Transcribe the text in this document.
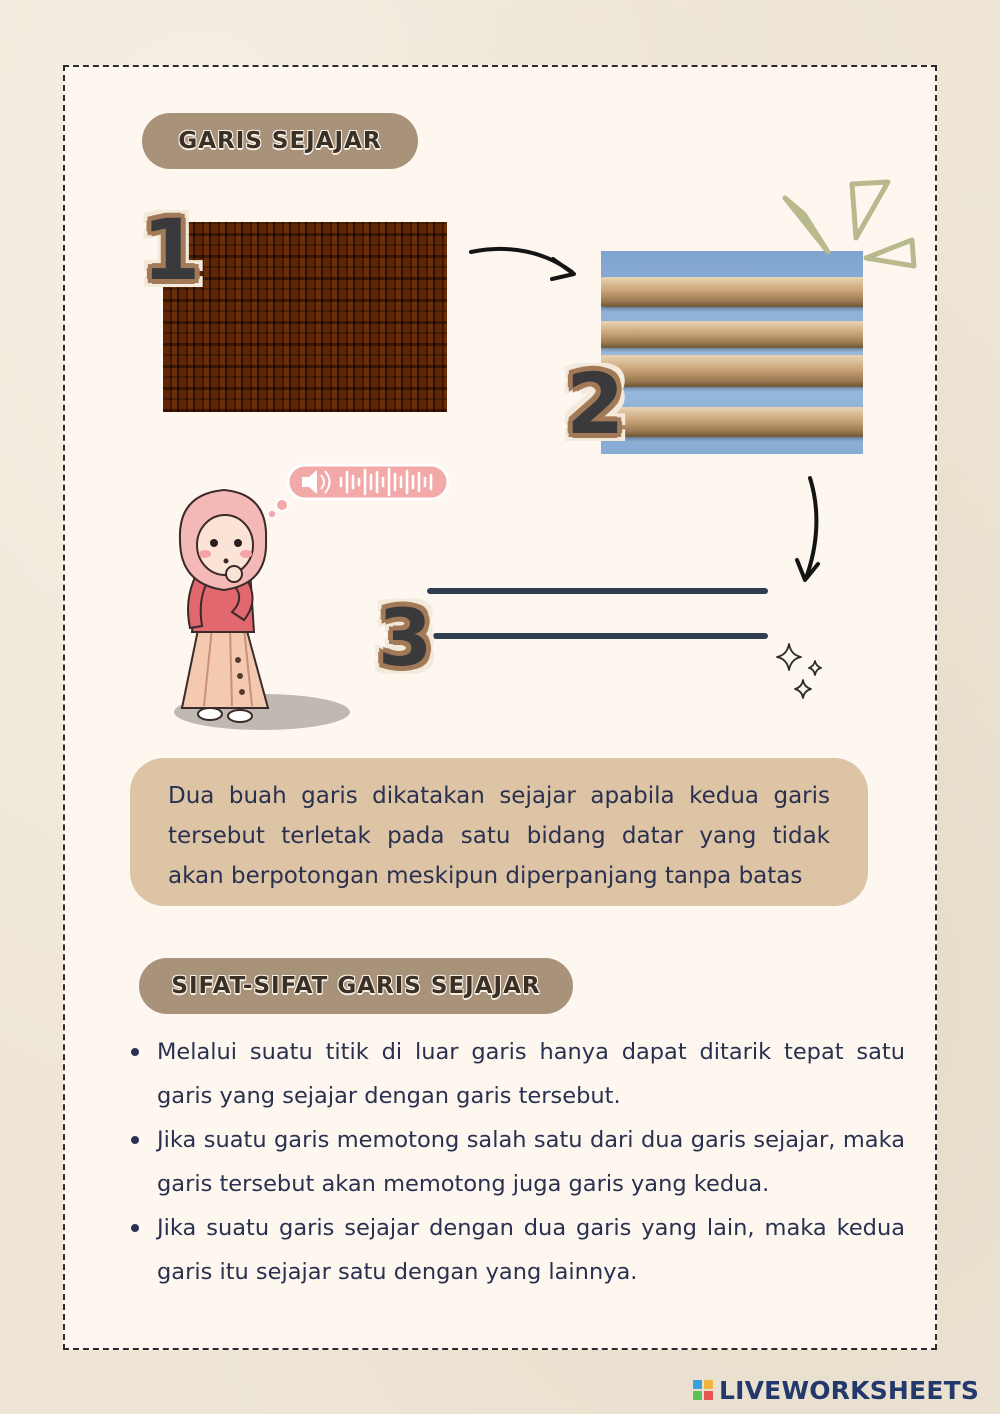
GARIS SEJAJAR
1
2
3
Dua buah garis dikatakan sejajar apabila kedua garis tersebut terletak pada satu bidang datar yang tidak akan berpotongan meskipun diperpanjang tanpa batas
SIFAT-SIFAT GARIS SEJAJAR
Melalui suatu titik di luar garis hanya dapat ditarik tepat satu garis yang sejajar dengan garis tersebut.
Jika suatu garis memotong salah satu dari dua garis sejajar, maka garis tersebut akan memotong juga garis yang kedua.
Jika suatu garis sejajar dengan dua garis yang lain, maka kedua garis itu sejajar satu dengan yang lainnya.
LIVEWORKSHEETS
